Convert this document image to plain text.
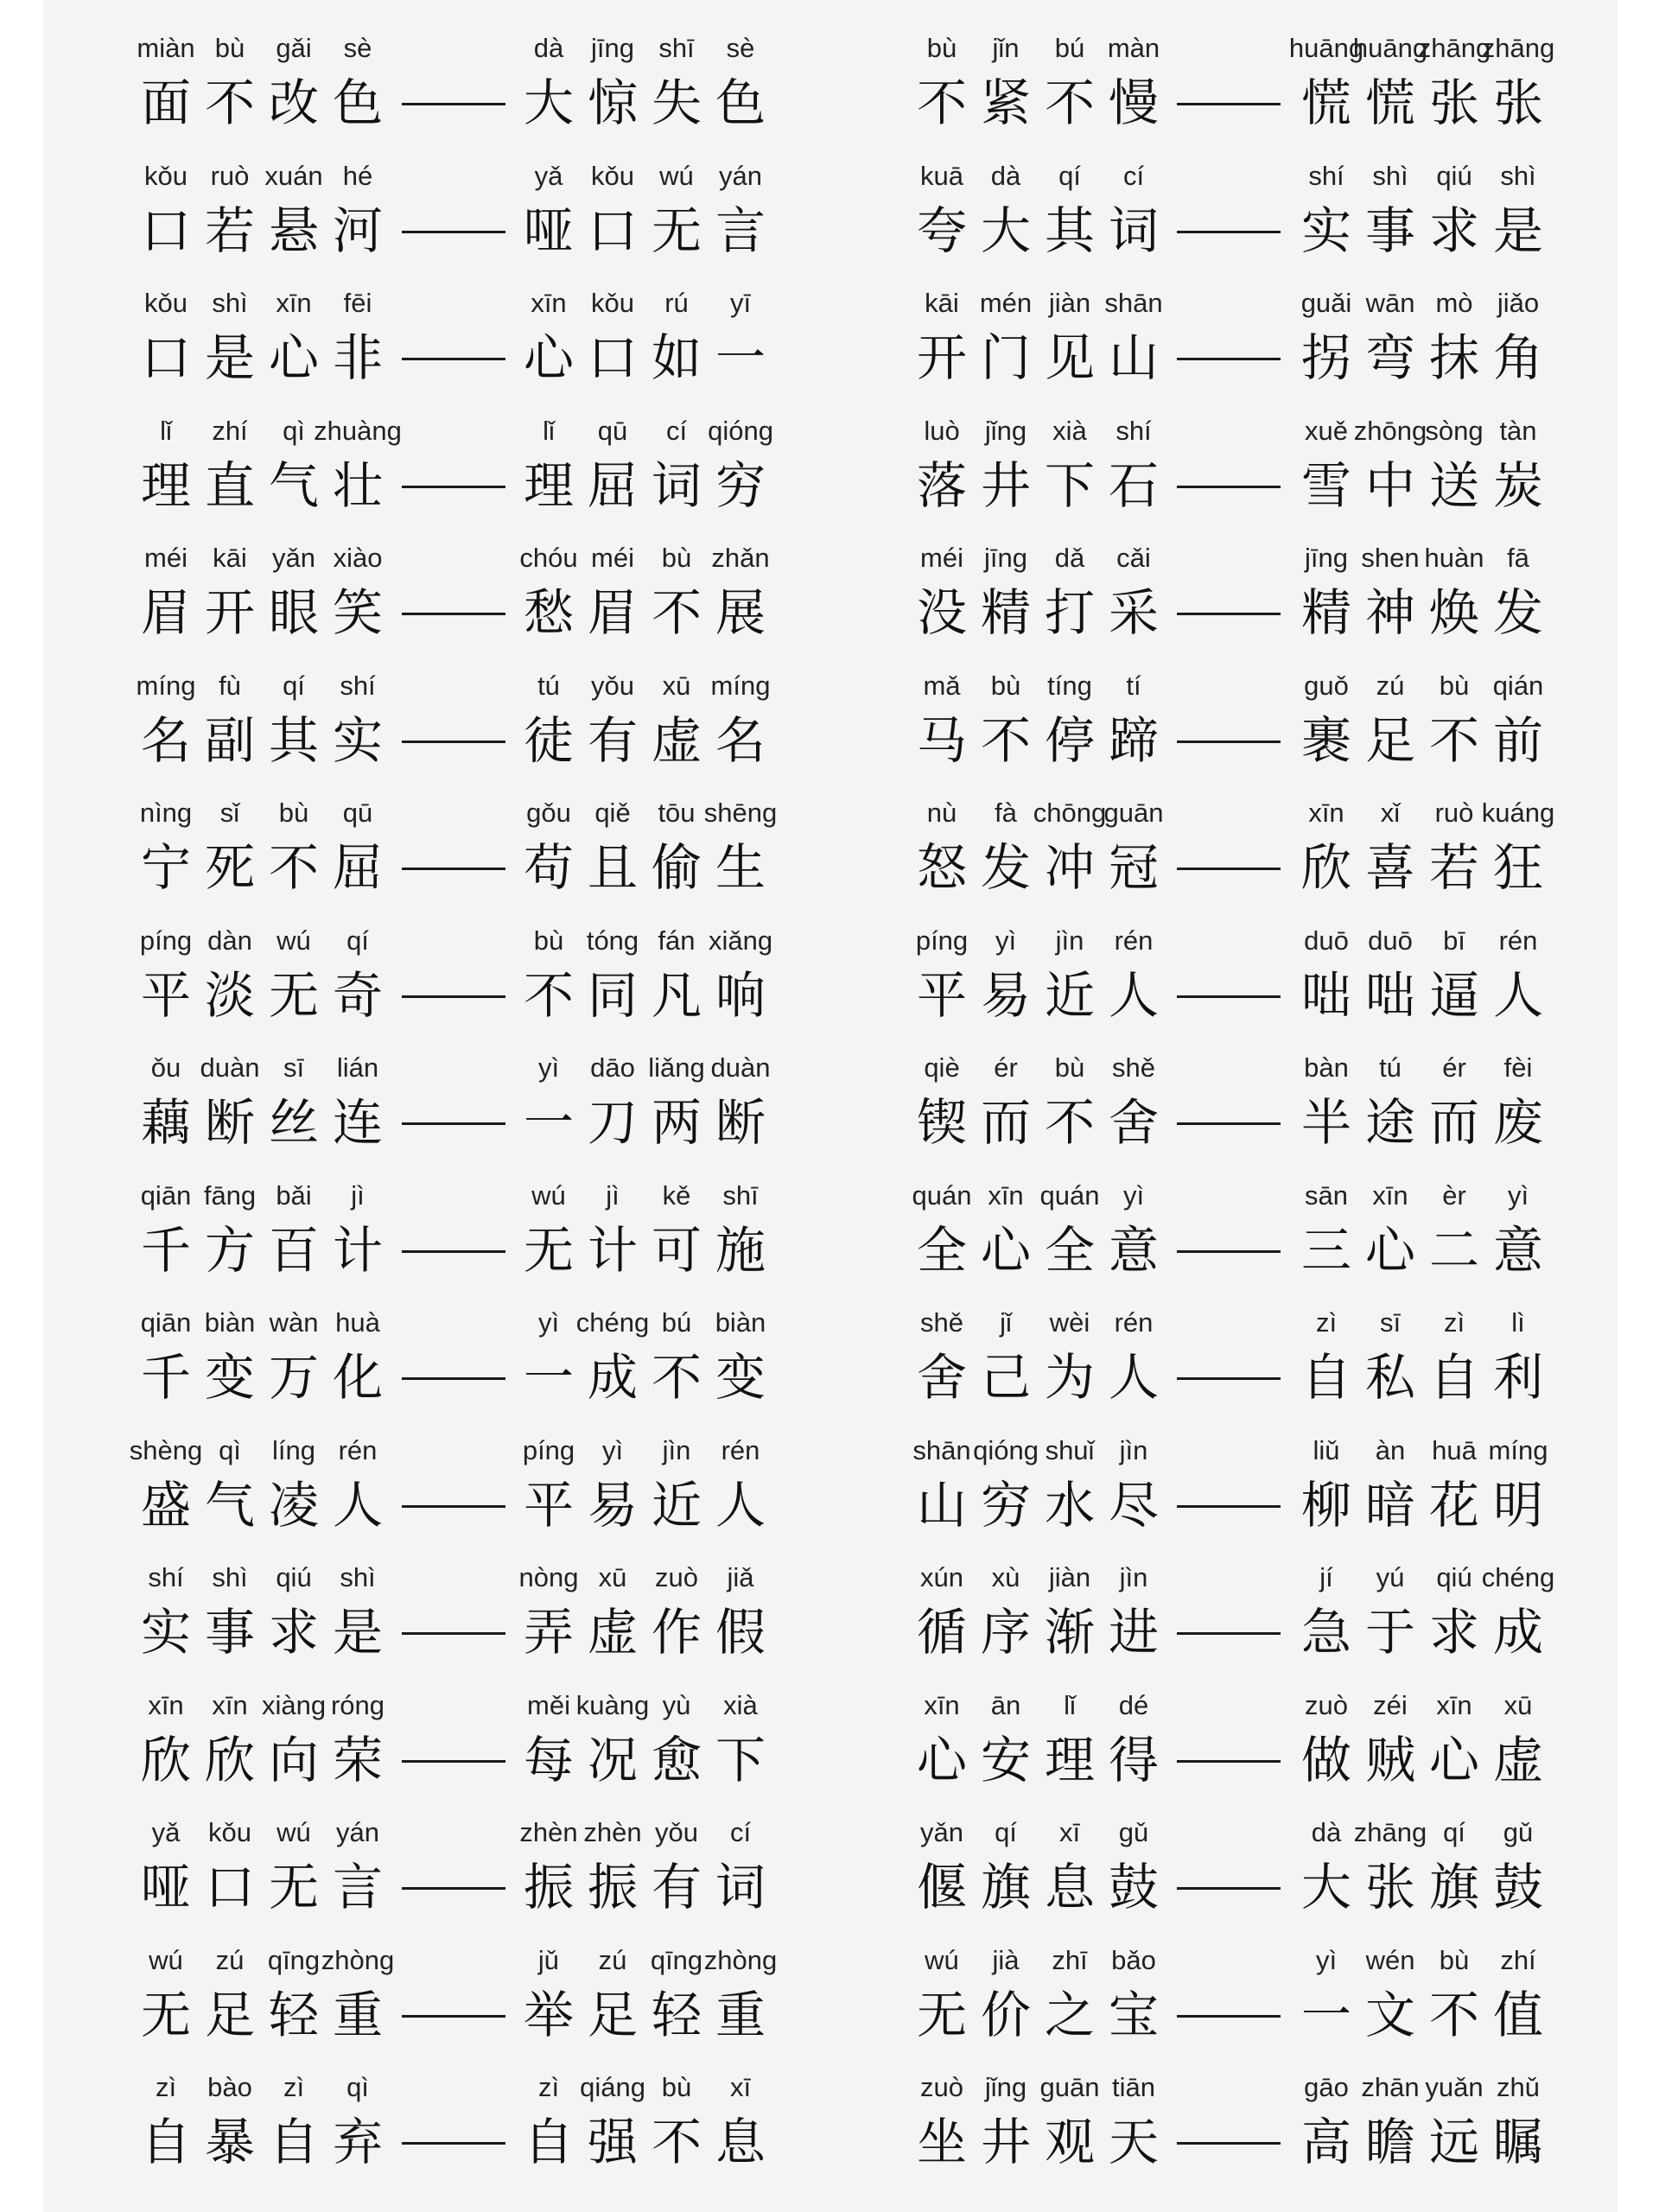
miàn
面
bù
不
gǎi
改
sè
色
dà
大
jīng
惊
shī
失
sè
色
bù
不
jǐn
紧
bú
不
màn
慢
huāng
慌
huāng
慌
zhāng
张
zhāng
张
kǒu
口
ruò
若
xuán
悬
hé
河
yǎ
哑
kǒu
口
wú
无
yán
言
kuā
夸
dà
大
qí
其
cí
词
shí
实
shì
事
qiú
求
shì
是
kǒu
口
shì
是
xīn
心
fēi
非
xīn
心
kǒu
口
rú
如
yī
一
kāi
开
mén
门
jiàn
见
shān
山
guǎi
拐
wān
弯
mò
抹
jiǎo
角
lǐ
理
zhí
直
qì
气
zhuàng
壮
lǐ
理
qū
屈
cí
词
qióng
穷
luò
落
jǐng
井
xià
下
shí
石
xuě
雪
zhōng
中
sòng
送
tàn
炭
méi
眉
kāi
开
yǎn
眼
xiào
笑
chóu
愁
méi
眉
bù
不
zhǎn
展
méi
没
jīng
精
dǎ
打
cǎi
采
jīng
精
shen
神
huàn
焕
fā
发
míng
名
fù
副
qí
其
shí
实
tú
徒
yǒu
有
xū
虚
míng
名
mǎ
马
bù
不
tíng
停
tí
蹄
guǒ
裹
zú
足
bù
不
qián
前
nìng
宁
sǐ
死
bù
不
qū
屈
gǒu
苟
qiě
且
tōu
偷
shēng
生
nù
怒
fà
发
chōng
冲
guān
冠
xīn
欣
xǐ
喜
ruò
若
kuáng
狂
píng
平
dàn
淡
wú
无
qí
奇
bù
不
tóng
同
fán
凡
xiǎng
响
píng
平
yì
易
jìn
近
rén
人
duō
咄
duō
咄
bī
逼
rén
人
ǒu
藕
duàn
断
sī
丝
lián
连
yì
一
dāo
刀
liǎng
两
duàn
断
qiè
锲
ér
而
bù
不
shě
舍
bàn
半
tú
途
ér
而
fèi
废
qiān
千
fāng
方
bǎi
百
jì
计
wú
无
jì
计
kě
可
shī
施
quán
全
xīn
心
quán
全
yì
意
sān
三
xīn
心
èr
二
yì
意
qiān
千
biàn
变
wàn
万
huà
化
yì
一
chéng
成
bú
不
biàn
变
shě
舍
jǐ
己
wèi
为
rén
人
zì
自
sī
私
zì
自
lì
利
shèng
盛
qì
气
líng
凌
rén
人
píng
平
yì
易
jìn
近
rén
人
shān
山
qióng
穷
shuǐ
水
jìn
尽
liǔ
柳
àn
暗
huā
花
míng
明
shí
实
shì
事
qiú
求
shì
是
nòng
弄
xū
虚
zuò
作
jiǎ
假
xún
循
xù
序
jiàn
渐
jìn
进
jí
急
yú
于
qiú
求
chéng
成
xīn
欣
xīn
欣
xiàng
向
róng
荣
měi
每
kuàng
况
yù
愈
xià
下
xīn
心
ān
安
lǐ
理
dé
得
zuò
做
zéi
贼
xīn
心
xū
虚
yǎ
哑
kǒu
口
wú
无
yán
言
zhèn
振
zhèn
振
yǒu
有
cí
词
yǎn
偃
qí
旗
xī
息
gǔ
鼓
dà
大
zhāng
张
qí
旗
gǔ
鼓
wú
无
zú
足
qīng
轻
zhòng
重
jǔ
举
zú
足
qīng
轻
zhòng
重
wú
无
jià
价
zhī
之
bǎo
宝
yì
一
wén
文
bù
不
zhí
值
zì
自
bào
暴
zì
自
qì
弃
zì
自
qiáng
强
bù
不
xī
息
zuò
坐
jǐng
井
guān
观
tiān
天
gāo
高
zhān
瞻
yuǎn
远
zhǔ
瞩
